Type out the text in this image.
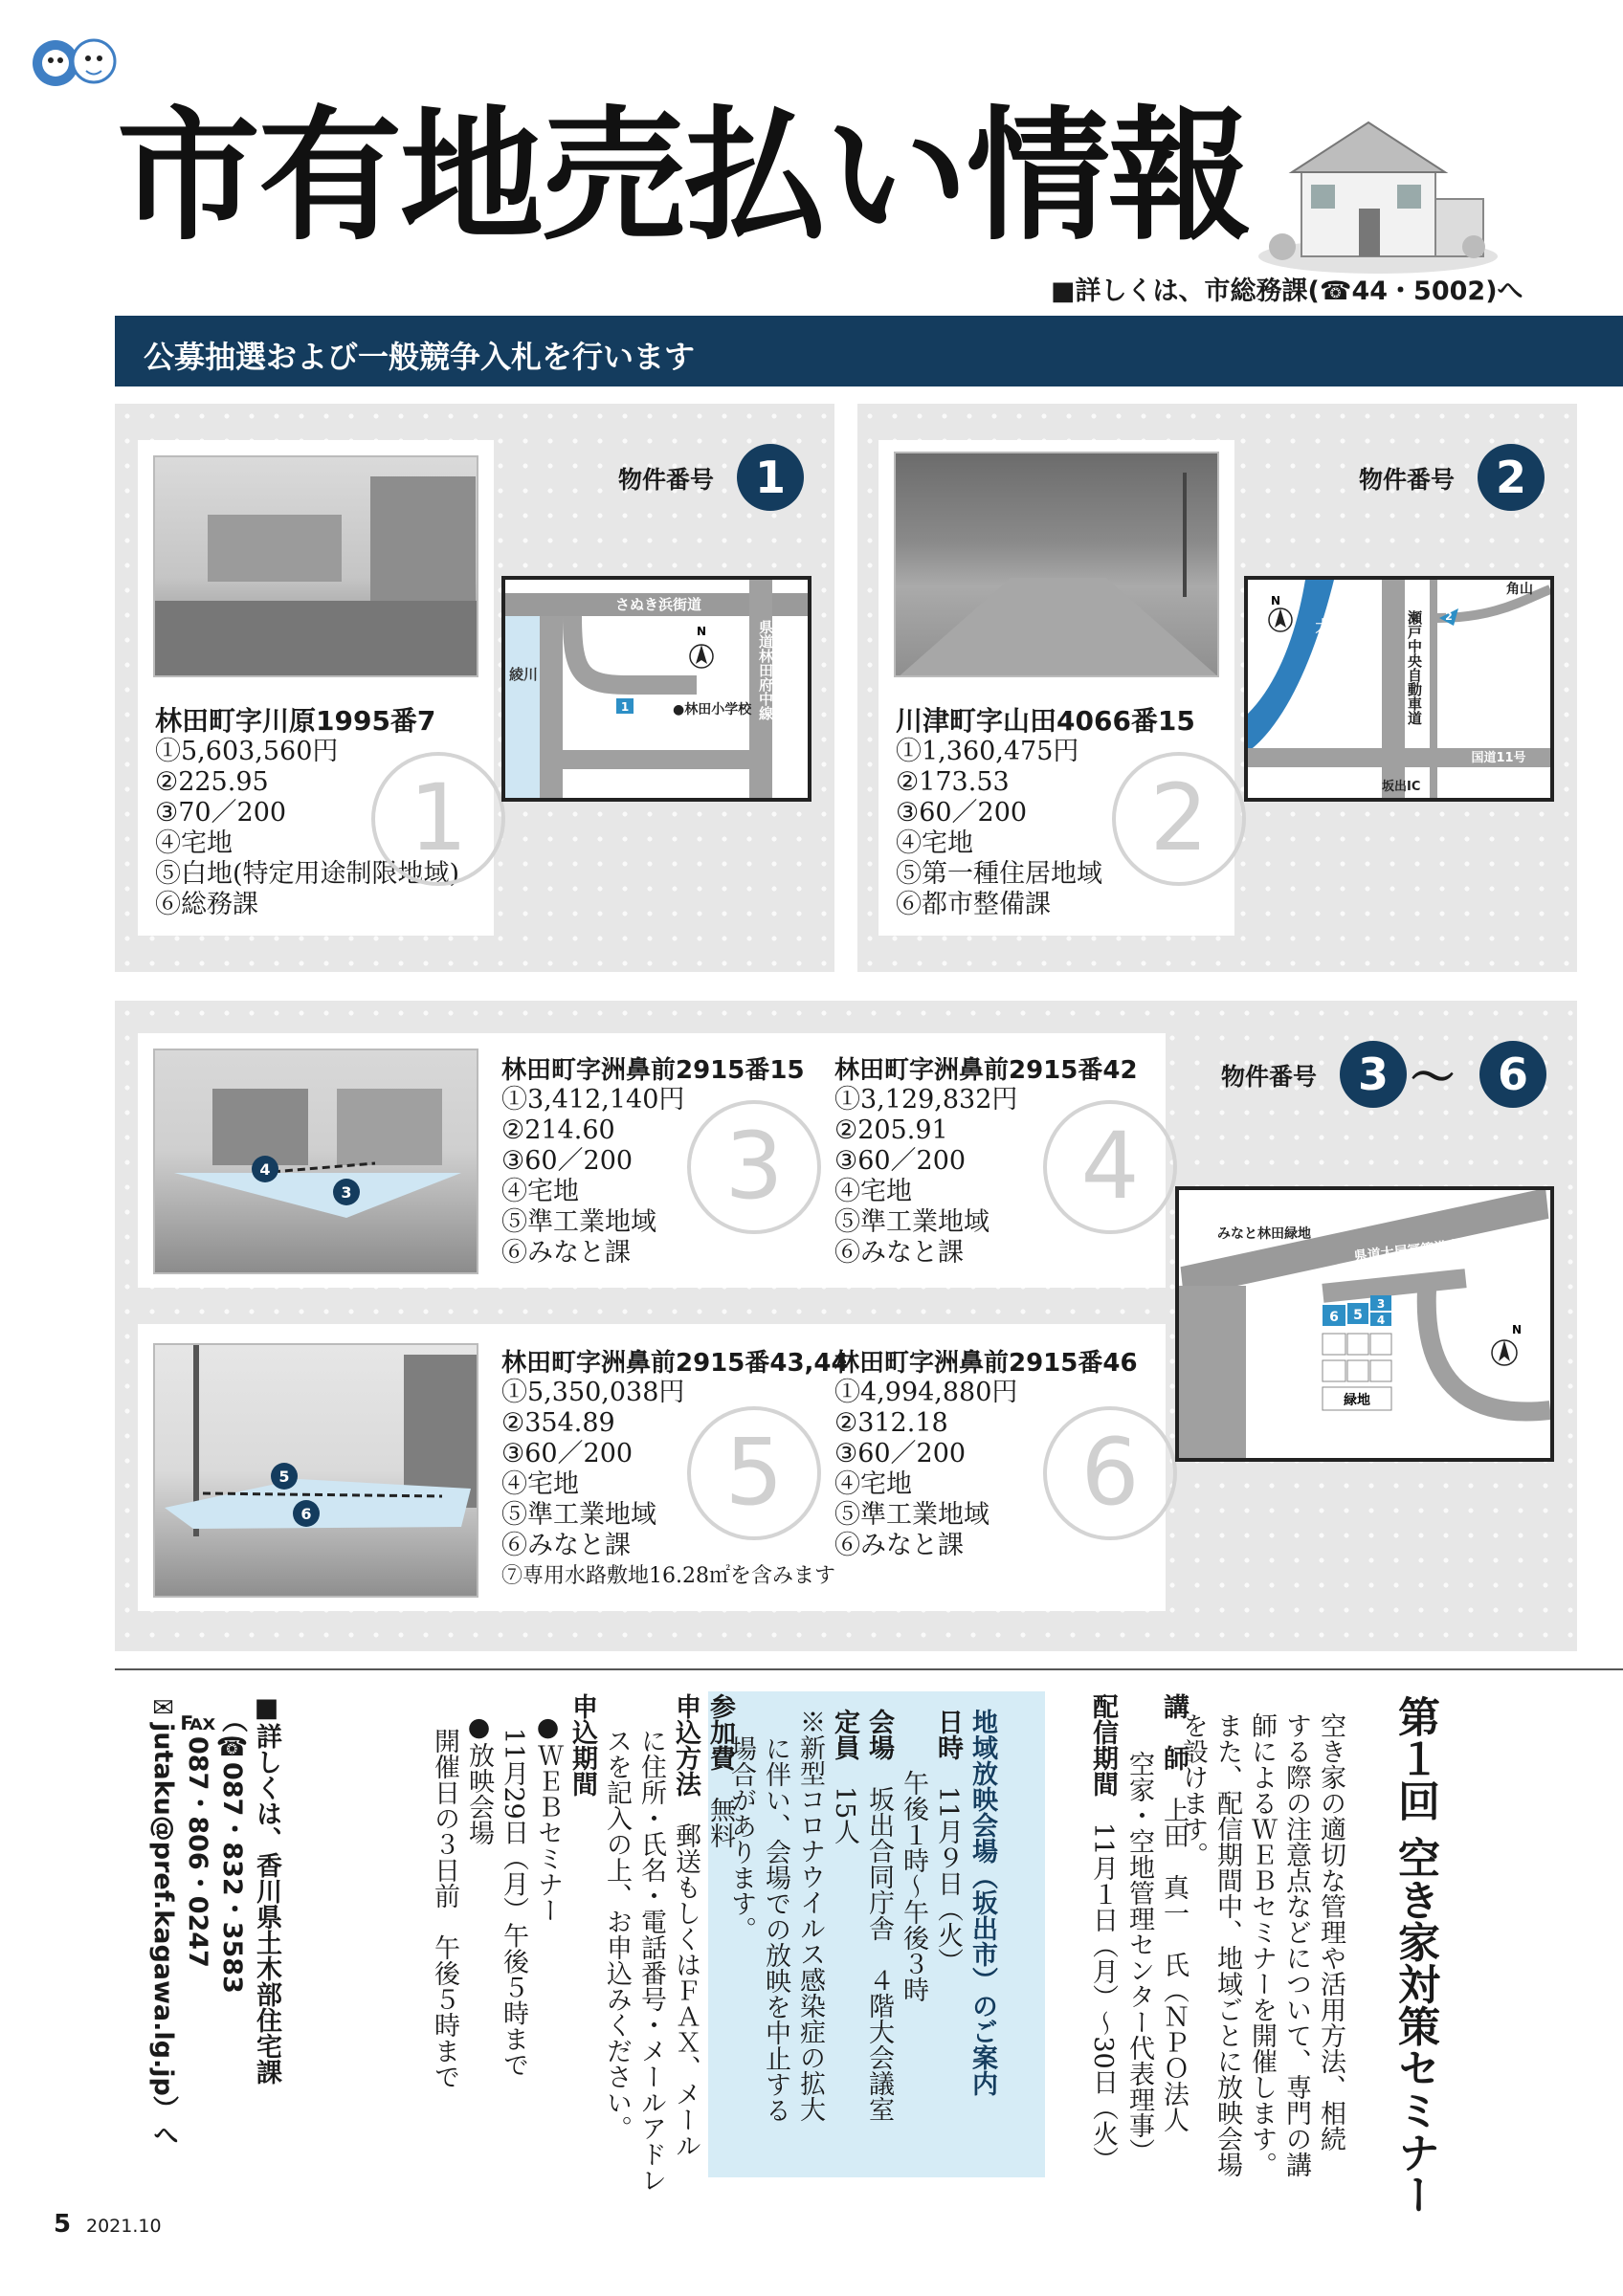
市有地売払い情報
■詳しくは、市総務課(☎44・5002)へ
公募抽選および一般競争入札を行います
林田町字川原1995番7
①5,603,560円
②225.95
③70／200
④宅地
⑤白地(特定用途制限地域)
⑥総務課
1
物件番号 1
1
さぬき浜街道
綾川
●林田小学校
N	県道林田府中線
川津町字山田4066番15
①1,360,475円
②173.53
③60／200
④宅地
⑤第一種住居地域
⑥都市整備課
2
物件番号 2
2
角山
国道11号
坂出IC
N
大束川	瀬戸中央自動車道
4
3
林田町字洲鼻前2915番15
①3,412,140円
②214.60
③60／200
④宅地
⑤準工業地域
⑥みなと課
3
林田町字洲鼻前2915番42
①3,129,832円
②205.91
③60／200
④宅地
⑤準工業地域
⑥みなと課
4
5
6
林田町字洲鼻前2915番43,44
①5,350,038円
②354.89
③60／200
④宅地
⑤準工業地域
⑥みなと課
⑦専用水路敷地16.28㎡を含みます
5
林田町字洲鼻前2915番46
①4,994,880円
②312.18
③60／200
④宅地
⑤準工業地域
⑥みなと課
6
物件番号 3 〜 6
6 5
3
4
緑地
みなと林田緑地
県道大屋冨築港宇多津線
N
第１回 空き家対策セミナー
空き家の適切な管理や活用方法、相続
する際の注意点などについて、専門の講
師によるＷＥＢセミナーを開催します。
また、配信期間中、地域ごとに放映会場
を設けます。
講　師　上田　真一　氏（ＮＰＯ法人
空家・空地管理センター代表理事）
配信期間　11月１日（月）〜30日（火）
地域放映会場（坂出市）のご案内
日時　11月９日（火）
午後１時〜午後３時
会場　坂出合同庁舎　４階大会議室
定員　15人
※新型コロナウイルス感染症の拡大
に伴い、会場での放映を中止する
場合があります。
参加費　無料
申込方法　郵送もしくはＦＡＸ、メール
に住所・氏名・電話番号・メールアドレ
スを記入の上、お申込みください。
申込期間
●ＷＥＢセミナー
11月29日（月）午後５時まで
●放映会場
開催日の３日前　午後５時まで
■詳しくは、香川県土木部住宅課
（☎087・832・3583
℻087・806・0247
✉jutaku@pref.kagawa.lg.jp）へ
5 2021.10
